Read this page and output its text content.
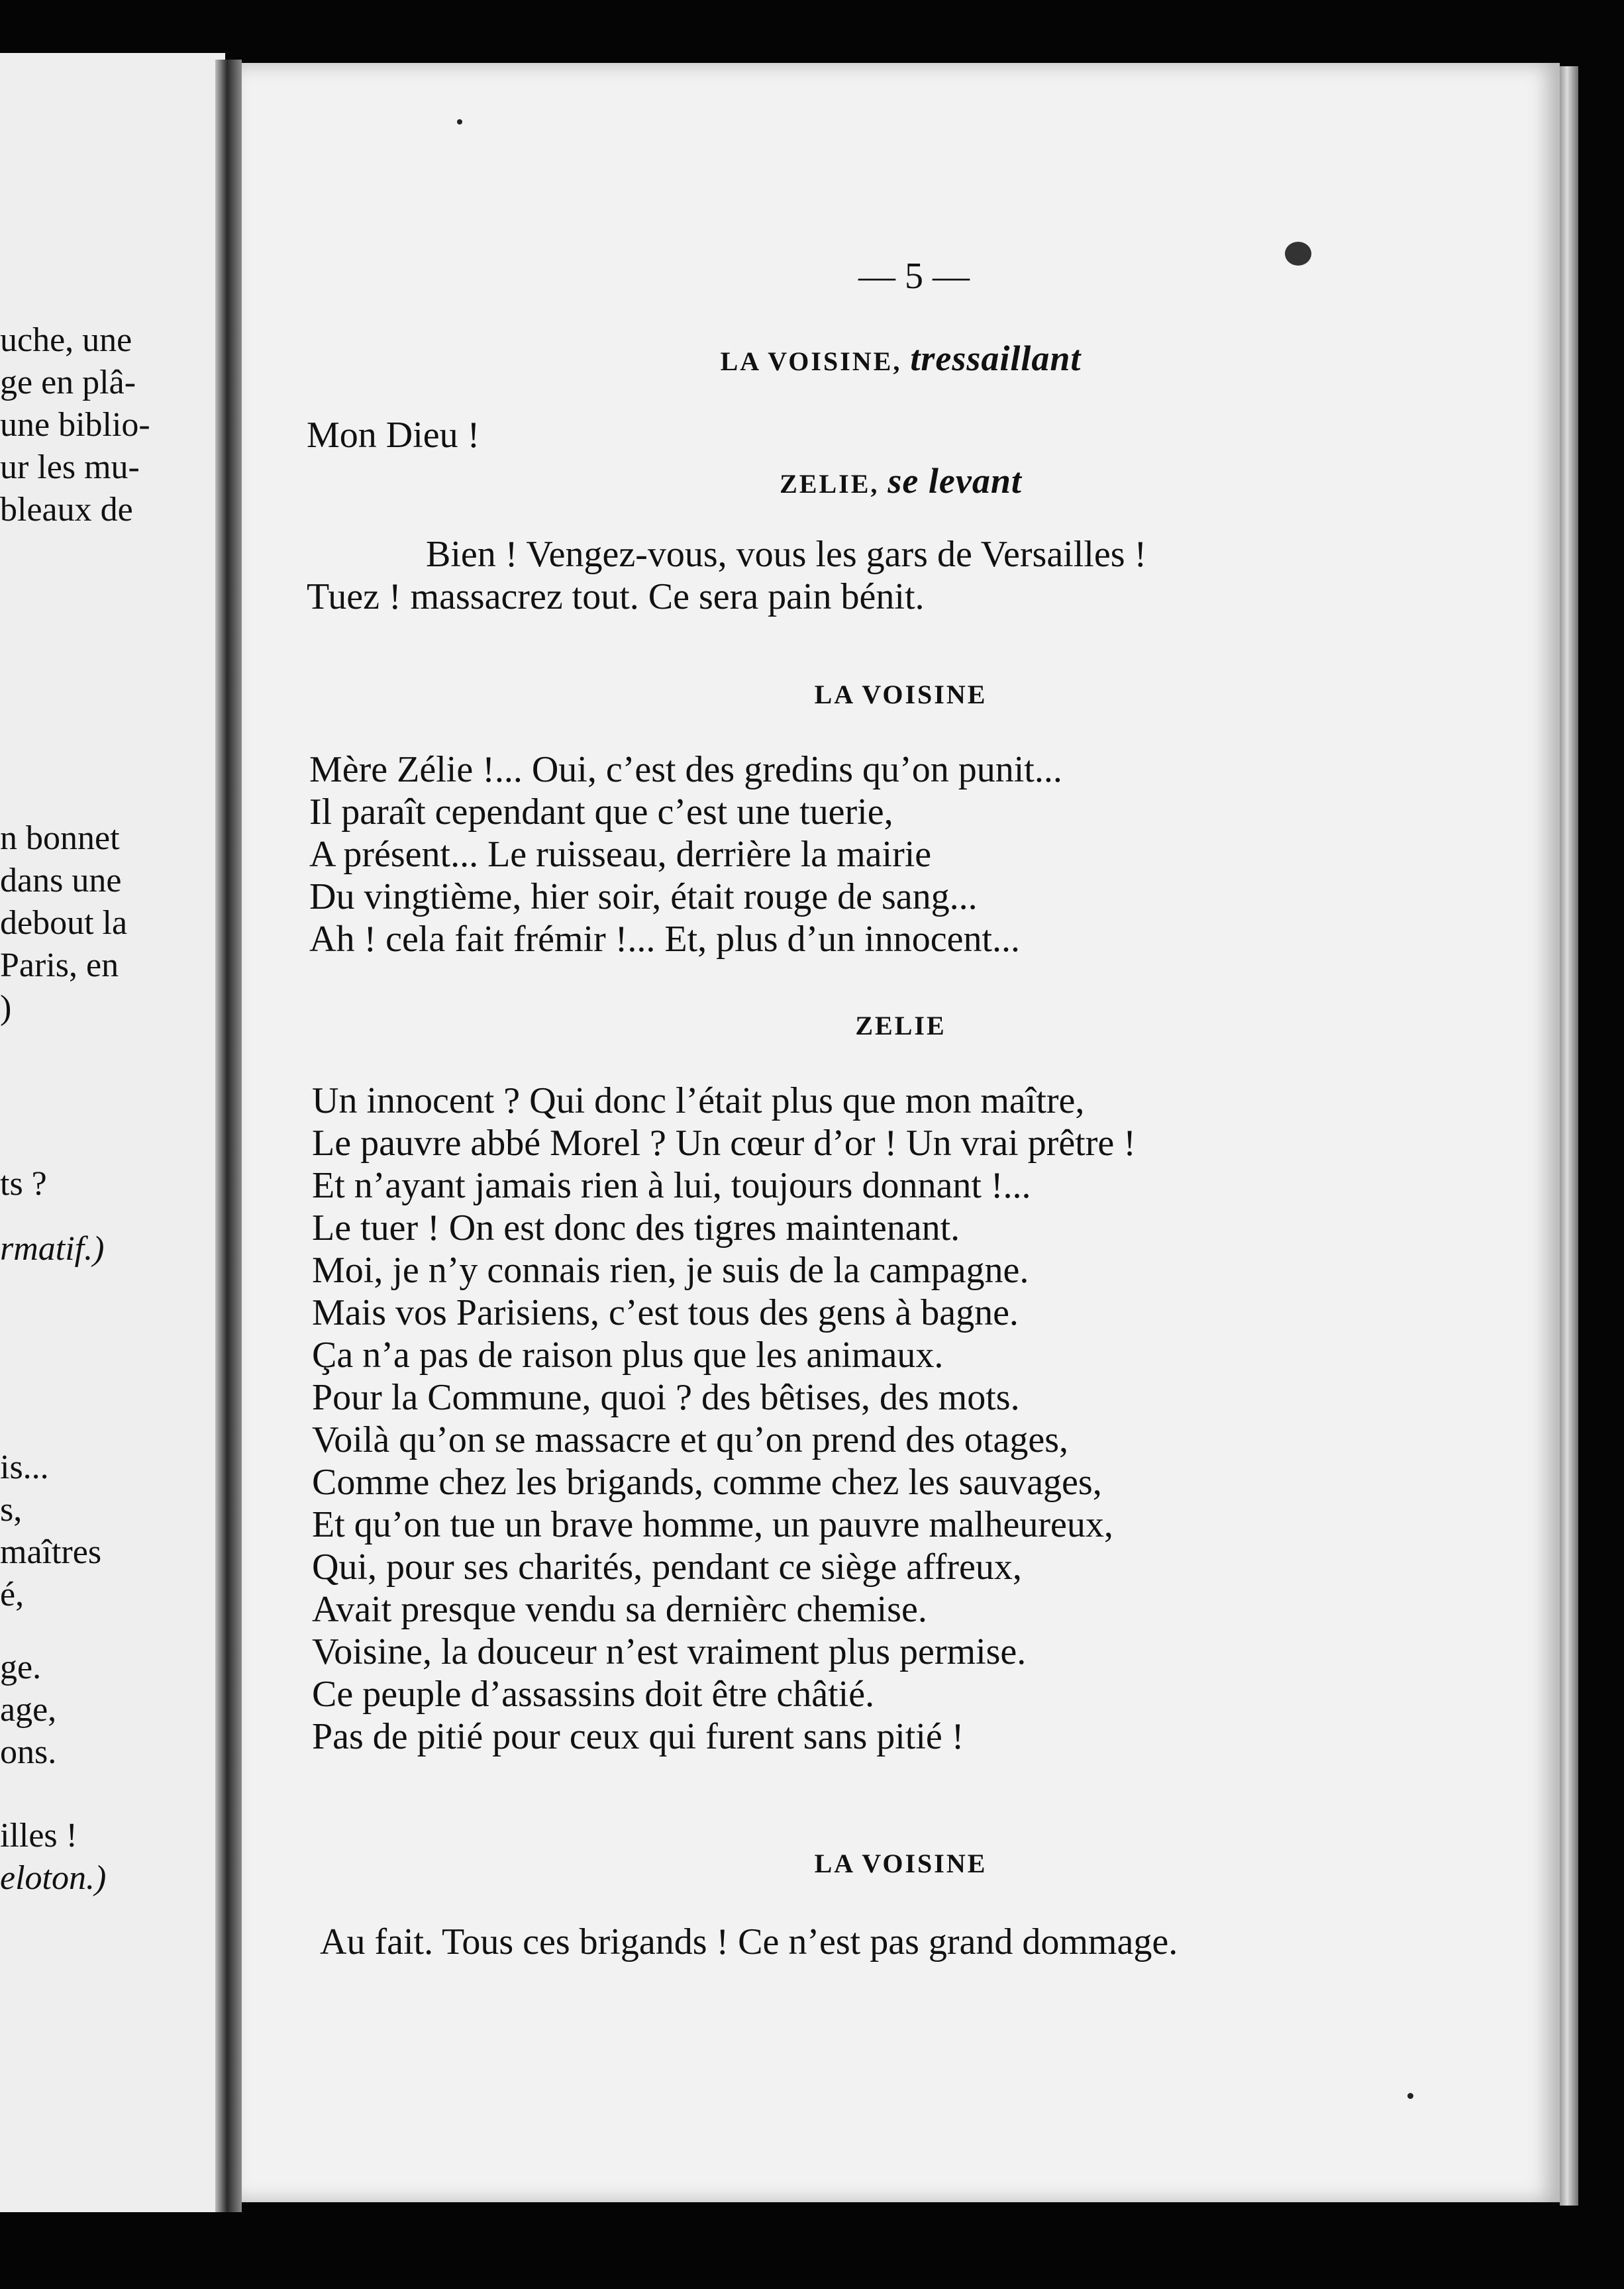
uche, une
ge en plâ-
une biblio-
ur les mu-
bleaux de
n bonnet
dans une
debout la
Paris, en
)
ts ?
rmatif.)
is...
s,
maîtres
é,
ge.
age,
ons.
illes !
eloton.)
— 5 —
LA VOISINE, tressaillant
Mon Dieu !
ZELIE, se levant
Bien ! Vengez-vous, vous les gars de Versailles !
Tuez ! massacrez tout. Ce sera pain bénit.
LA VOISINE
Mère Zélie !... Oui, c’est des gredins qu’on punit...
Il paraît cependant que c’est une tuerie,
A présent... Le ruisseau, derrière la mairie
Du vingtième, hier soir, était rouge de sang...
Ah ! cela fait frémir !... Et, plus d’un innocent...
ZELIE
Un innocent ? Qui donc l’était plus que mon maître,
Le pauvre abbé Morel ? Un cœur d’or ! Un vrai prêtre !
Et n’ayant jamais rien à lui, toujours donnant !...
Le tuer ! On est donc des tigres maintenant.
Moi, je n’y connais rien, je suis de la campagne.
Mais vos Parisiens, c’est tous des gens à bagne.
Ça n’a pas de raison plus que les animaux.
Pour la Commune, quoi ? des bêtises, des mots.
Voilà qu’on se massacre et qu’on prend des otages,
Comme chez les brigands, comme chez les sauvages,
Et qu’on tue un brave homme, un pauvre malheureux,
Qui, pour ses charités, pendant ce siège affreux,
Avait presque vendu sa dernièrc chemise.
Voisine, la douceur n’est vraiment plus permise.
Ce peuple d’assassins doit être châtié.
Pas de pitié pour ceux qui furent sans pitié !
LA VOISINE
Au fait. Tous ces brigands ! Ce n’est pas grand dommage.
